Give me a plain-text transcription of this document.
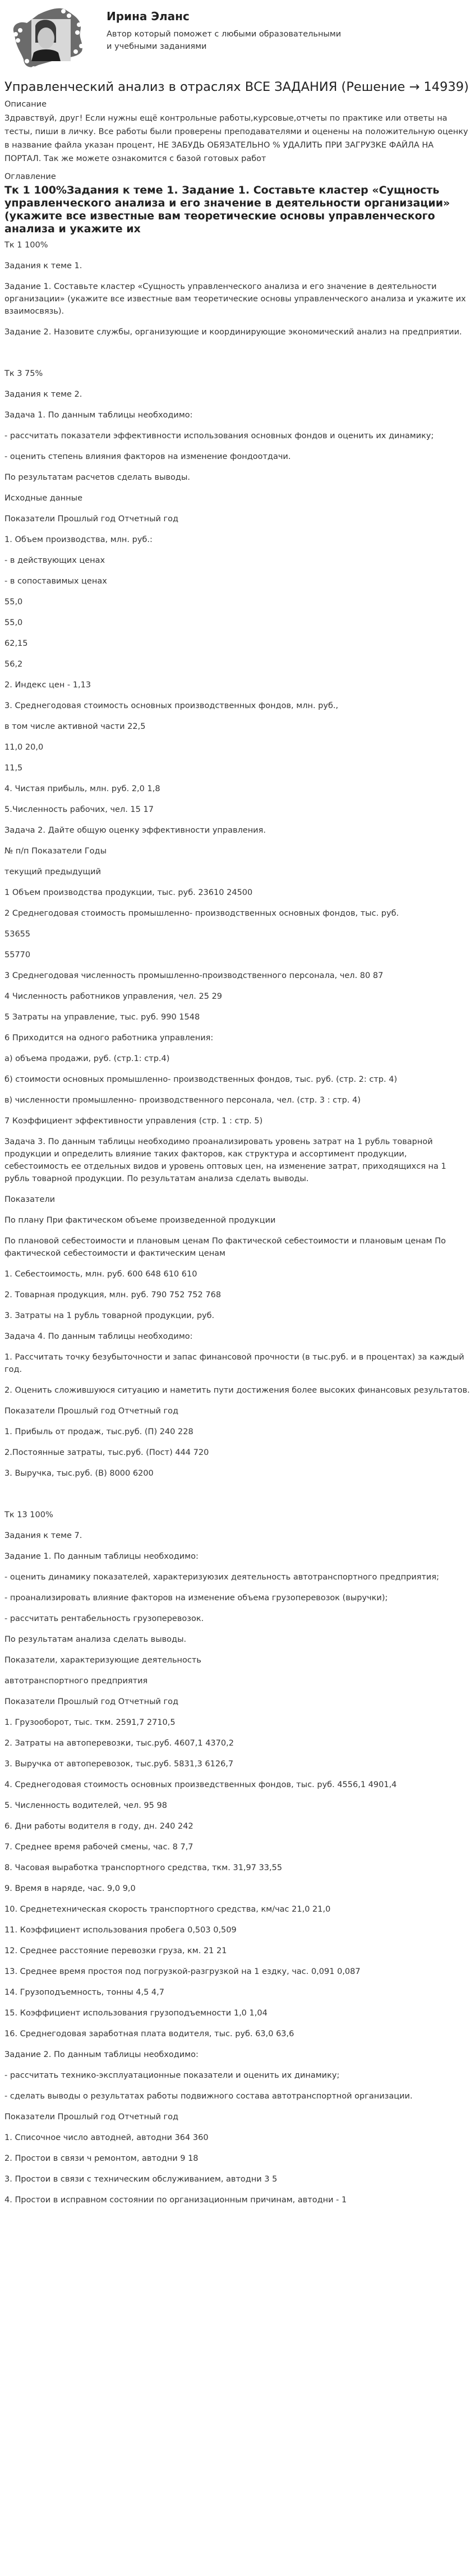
Ирина Эланс
Автор который поможет с любыми образовательными и учебными заданиями
Управленческий анализ в отраслях ВСЕ ЗАДАНИЯ (Решение → 14939)
Описание
Здравствуй, друг! Если нужны ещё контрольные работы,курсовые,отчеты по практике или ответы на тесты, пиши в личку. Все работы были проверены преподавателями и оценены на положительную оценку в название файла указан процент, НЕ ЗАБУДЬ ОБЯЗАТЕЛЬНО % УДАЛИТЬ ПРИ ЗАГРУЗКЕ ФАЙЛА НА ПОРТАЛ. Так же можете ознакомится с базой готовых работ
Оглавление
Тк 1 100%Задания к теме 1. Задание 1. Составьте кластер «Сущность управленческого анализа и его значение в деятельности организации» (укажите все известные вам теоретические основы управленческого анализа и укажите их

Тк 1 100%

Задания к теме 1.

Задание 1. Составьте кластер «Сущность управленческого анализа и его значение в деятельности организации» (укажите все известные вам теоретические основы управленческого анализа и укажите их взаимосвязь).

Задание 2. Назовите службы, организующие и координирующие экономический анализ на предприятии.

Тк 3 75%

Задания к теме 2.

Задача 1. По данным таблицы необходимо:

- рассчитать показатели эффективности использования основных фондов и оценить их динамику;

- оценить степень влияния факторов на изменение фондоотдачи.

По результатам расчетов сделать выводы.

Исходные данные

Показатели Прошлый год Отчетный год

1. Объем производства, млн. руб.:

- в действующих ценах

- в сопоставимых ценах

55,0

55,0

62,15

56,2

2. Индекс цен - 1,13

3. Среднегодовая стоимость основных производственных фондов, млн. руб.,

в том числе активной части 22,5

11,0 20,0

11,5

4. Чистая прибыль, млн. руб. 2,0 1,8

5.Численность рабочих, чел. 15 17

Задача 2. Дайте общую оценку эффективности управления.

№ п/п Показатели Годы

текущий предыдущий

1 Объем производства продукции, тыс. руб. 23610 24500

2 Среднегодовая стоимость промышленно- производственных основных фондов, тыс. руб.

53655

55770

3 Среднегодовая численность промышленно-производственного персонала, чел. 80 87

4 Численность работников управления, чел. 25 29

5 Затраты на управление, тыс. руб. 990 1548

6 Приходится на одного работника управления:

а) объема продажи, руб. (стр.1: стр.4)

б) стоимости основных промышленно- производственных фондов, тыс. руб. (стр. 2: стр. 4)

в) численности промышленно- производственного персонала, чел. (стр. 3 : стр. 4)

7 Коэффициент эффективности управления (стр. 1 : стр. 5)

Задача 3. По данным таблицы необходимо проанализировать уровень затрат на 1 рубль товарной продукции и определить влияние таких факторов, как структура и ассортимент продукции, себестоимость ее отдельных видов и уровень оптовых цен, на изменение затрат, приходящихся на 1 рубль товарной продукции. По результатам анализа сделать выводы.

Показатели

По плану При фактическом объеме произведенной продукции

По плановой себестоимости и плановым ценам По фактической себестоимости и плановым ценам По фактической себестоимости и фактическим ценам

1. Себестоимость, млн. руб. 600 648 610 610

2. Товарная продукция, млн. руб. 790 752 752 768

3. Затраты на 1 рубль товарной продукции, руб.

Задача 4. По данным таблицы необходимо:

1. Рассчитать точку безубыточности и запас финансовой прочности (в тыс.руб. и в процентах) за каждый год.

2. Оценить сложившуюся ситуацию и наметить пути достижения более высоких финансовых результатов.

Показатели Прошлый год Отчетный год

1. Прибыль от продаж, тыс.руб. (П) 240 228

2.Постоянные затраты, тыс.руб. (Пост) 444 720

3. Выручка, тыс.руб. (В) 8000 6200

Тк 13 100%

Задания к теме 7.

Задание 1. По данным таблицы необходимо:

- оценить динамику показателей, характеризуюзих деятельность автотранспортного предприятия;

- проанализировать влияние факторов на изменение объема грузоперевозок (выручки);

- рассчитать рентабельность грузоперевозок.

По результатам анализа сделать выводы.

Показатели, характеризующие деятельность

автотранспортного предприятия

Показатели Прошлый год Отчетный год

1. Грузооборот, тыс. ткм. 2591,7 2710,5

2. Затраты на автоперевозки, тыс.руб. 4607,1 4370,2

3. Выручка от автоперевозок, тыс.руб. 5831,3 6126,7

4. Среднегодовая стоимость основных произведственных фондов, тыс. руб. 4556,1 4901,4

5. Численность водителей, чел. 95 98

6. Дни работы водителя в году, дн. 240 242

7. Среднее время рабочей смены, час. 8 7,7

8. Часовая выработка транспортного средства, ткм. 31,97 33,55

9. Время в наряде, час. 9,0 9,0

10. Среднетехническая скорость транспортного средства, км/час 21,0 21,0

11. Коэффициент использования пробега 0,503 0,509

12. Среднее расстояние перевозки груза, км. 21 21

13. Среднее время простоя под погрузкой-разгрузкой на 1 ездку, час. 0,091 0,087

14. Грузоподъемность, тонны 4,5 4,7

15. Коэффициент использования грузоподъемности 1,0 1,04

16. Среднегодовая заработная плата водителя, тыс. руб. 63,0 63,6

Задание 2. По данным таблицы необходимо:

- рассчитать технико-эксплуатационные показатели и оценить их динамику;

- сделать выводы о результатах работы подвижного состава автотранспортной организации.

Показатели Прошлый год Отчетный год

1. Списочное число автодней, автодни 364 360

2. Простои в связи ч ремонтом, автодни 9 18

3. Простои в связи с техническим обслуживанием, автодни 3 5

4. Простои в исправном состоянии по организационным причинам, автодни - 1
